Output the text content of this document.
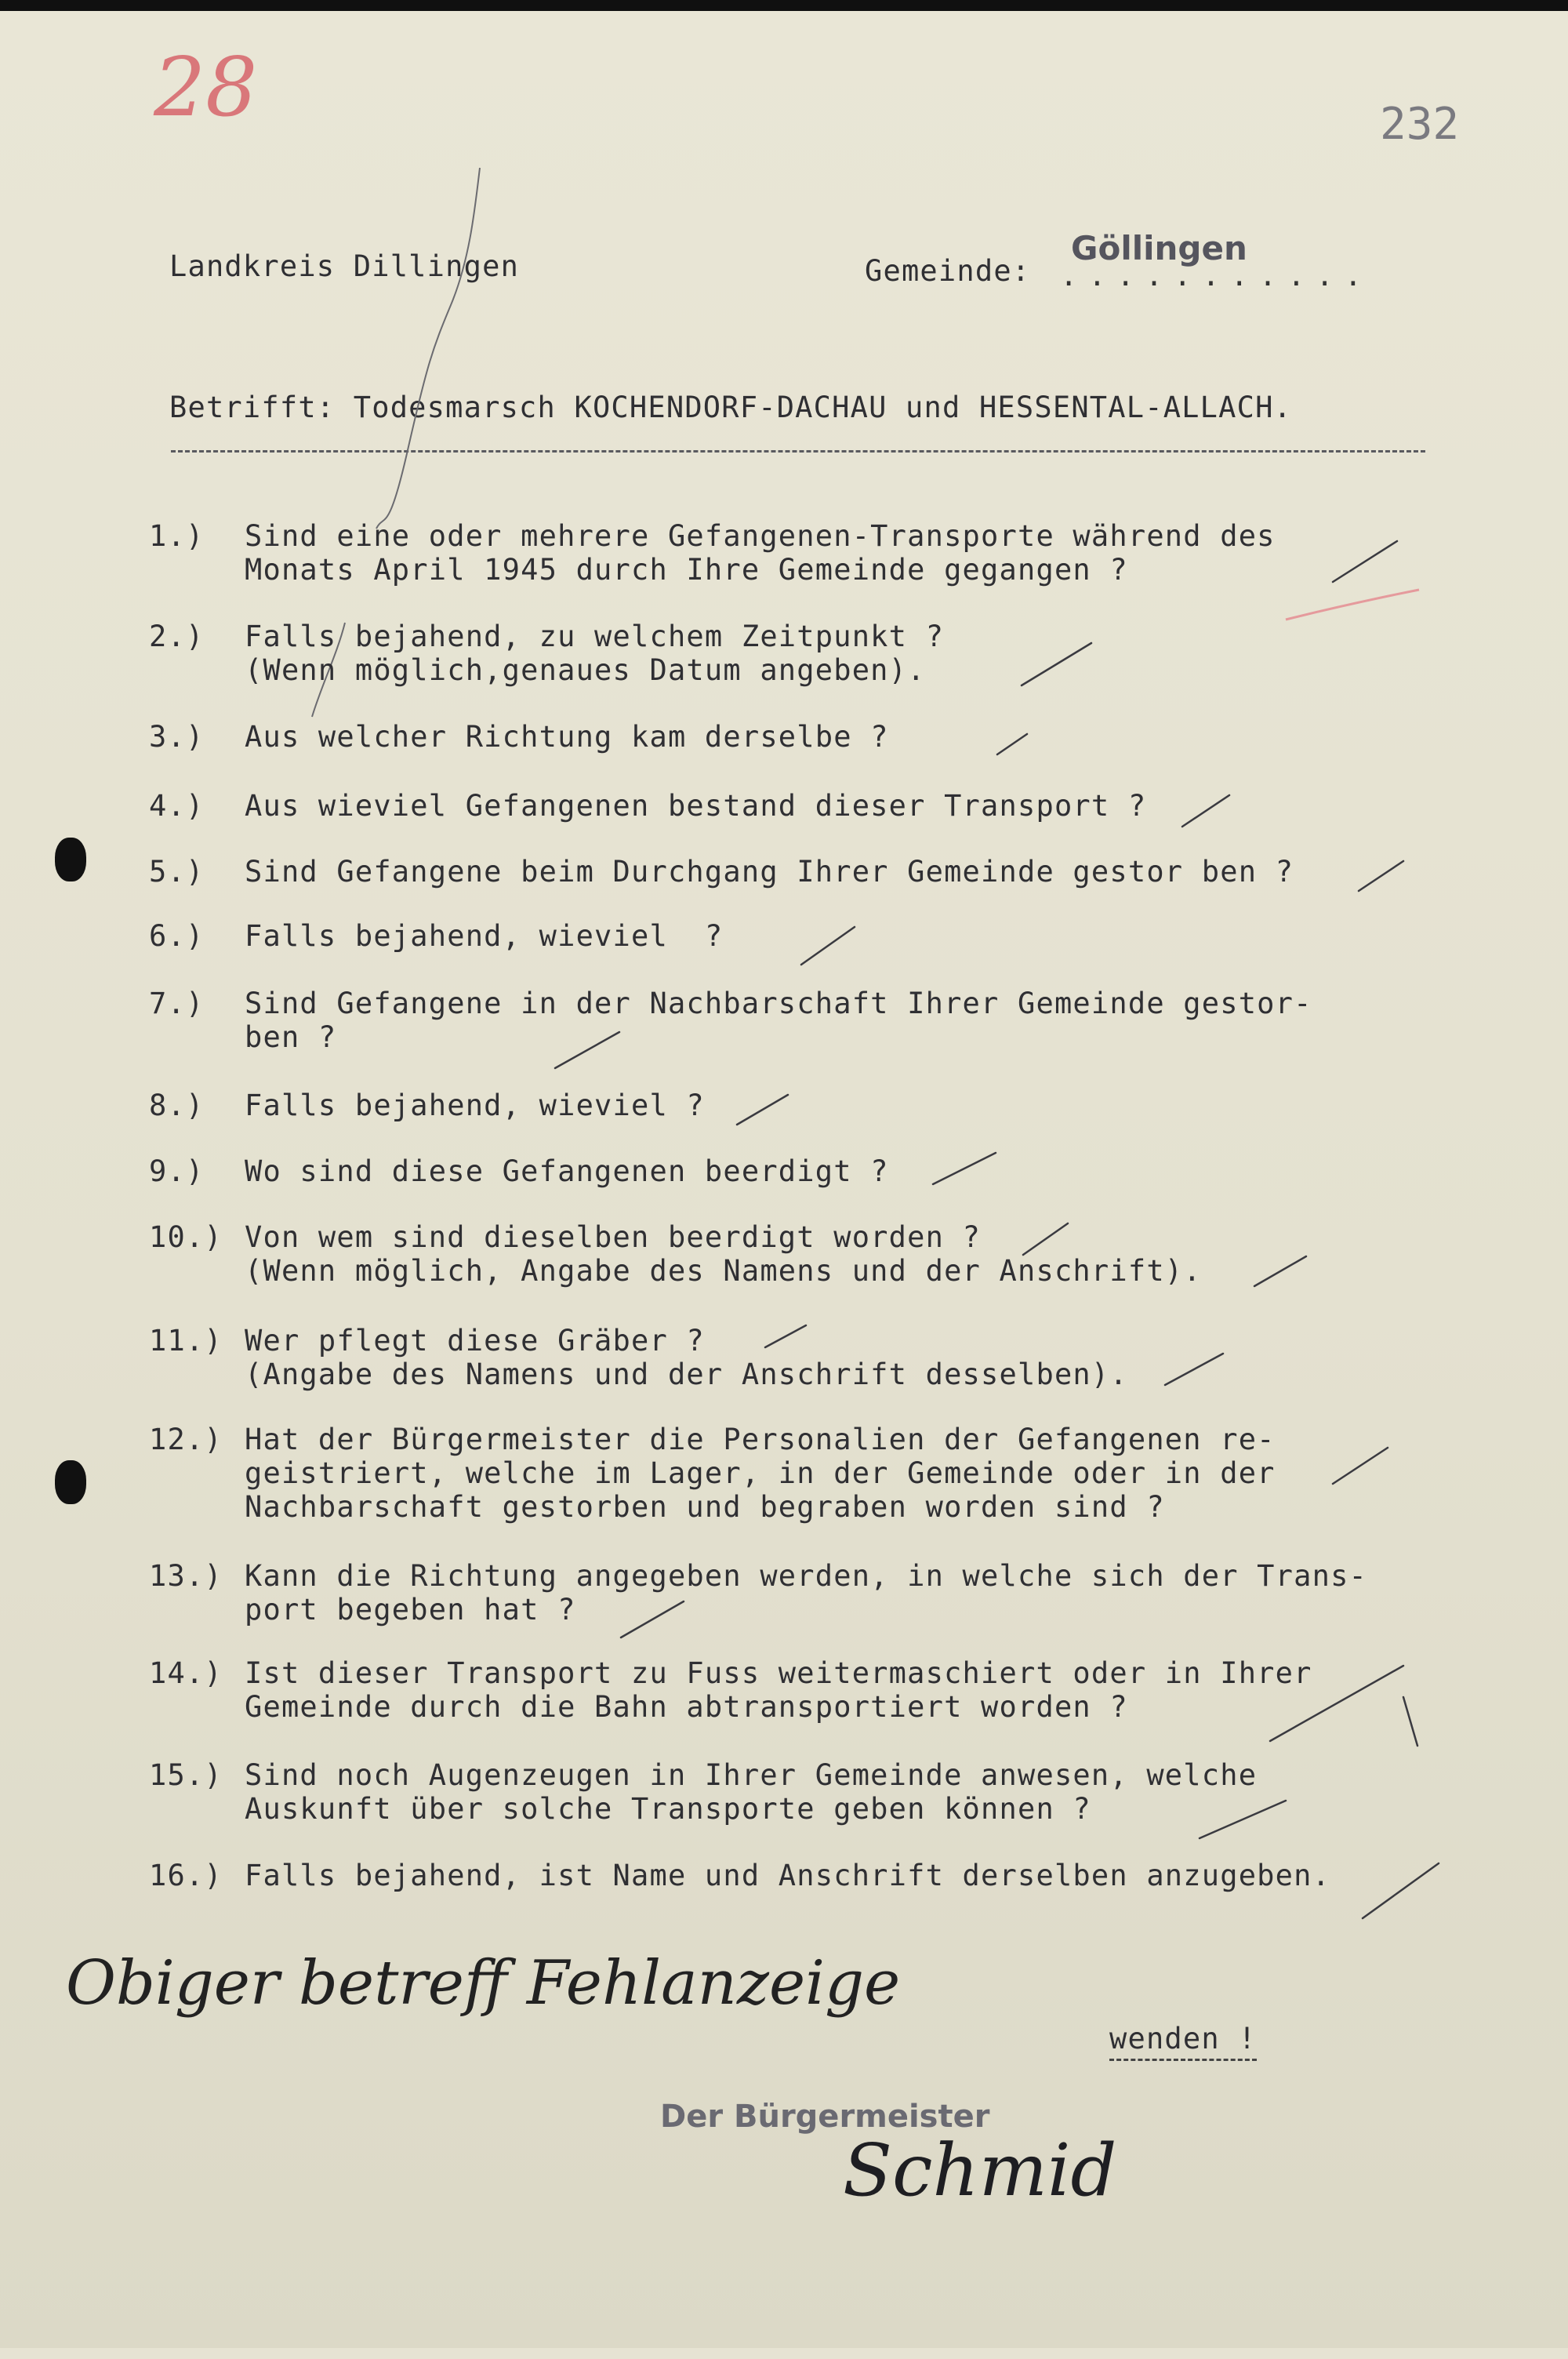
28	232
Landkreis Dillingen	Gemeinde:
Göllingen
...........
Betrifft: Todesmarsch KOCHENDORF-DACHAU und HESSENTAL-ALLACH.
1.)	Sind eine oder mehrere Gefangenen-Transporte während des
Monats April 1945 durch Ihre Gemeinde gegangen ?
2.)	Falls bejahend, zu welchem Zeitpunkt ?
(Wenn möglich,genaues Datum angeben).
3.)	Aus welcher Richtung kam derselbe ?
4.)	Aus wieviel Gefangenen bestand dieser Transport ?
5.)	Sind Gefangene beim Durchgang Ihrer Gemeinde gestor ben ?
6.)	Falls bejahend, wieviel  ?
7.)	Sind Gefangene in der Nachbarschaft Ihrer Gemeinde gestor-
ben ?
8.)	Falls bejahend, wieviel ?
9.)	Wo sind diese Gefangenen beerdigt ?
10.) Von wem sind dieselben beerdigt worden ?
(Wenn möglich, Angabe des Namens und der Anschrift).
11.) Wer pflegt diese Gräber ?
(Angabe des Namens und der Anschrift desselben).
12.) Hat der Bürgermeister die Personalien der Gefangenen re-
geistriert, welche im Lager, in der Gemeinde oder in der
Nachbarschaft gestorben und begraben worden sind ?
13.) Kann die Richtung angegeben werden, in welche sich der Trans-
port begeben hat ?
14.) Ist dieser Transport zu Fuss weitermaschiert oder in Ihrer
Gemeinde durch die Bahn abtransportiert worden ?
15.) Sind noch Augenzeugen in Ihrer Gemeinde anwesen, welche
Auskunft über solche Transporte geben können ?
16.) Falls bejahend, ist Name und Anschrift derselben anzugeben.
Obiger betreff Fehlanzeige
wenden !
Der Bürgermeister
Schmid
